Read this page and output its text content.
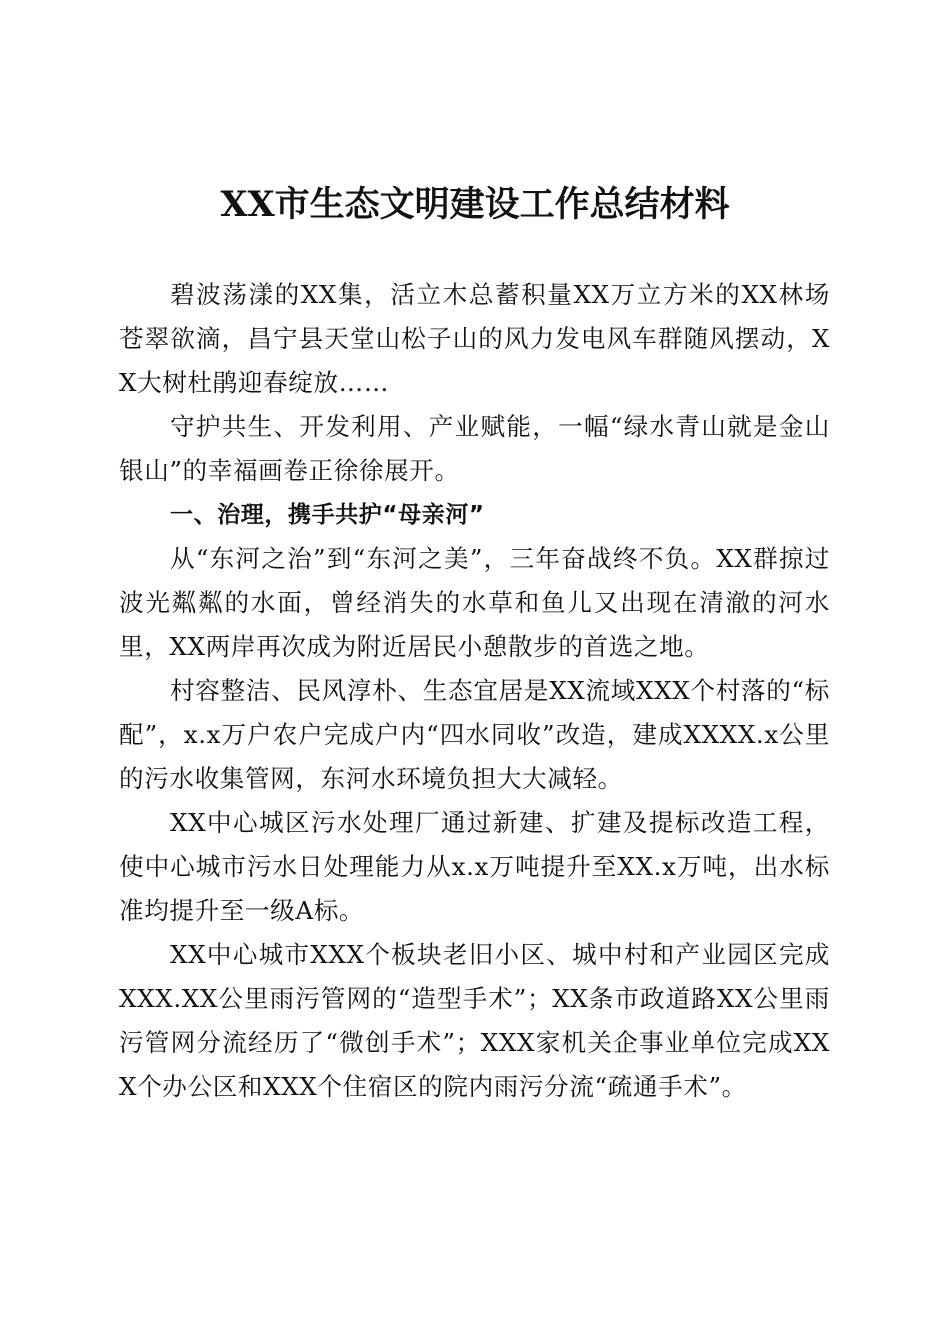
XX市生态文明建设工作总结材料

碧波荡漾的XX集，活立木总蓄积量XX万立方米的XX林场苍翠欲滴，昌宁县天堂山松子山的风力发电风车群随风摆动，XX大树杜鹃迎春绽放……

守护共生、开发利用、产业赋能，一幅“绿水青山就是金山银山”的幸福画卷正徐徐展开。

一、治理，携手共护“母亲河”

从“东河之治”到“东河之美”，三年奋战终不负。XX群掠过波光粼粼的水面，曾经消失的水草和鱼儿又出现在清澈的河水里，XX两岸再次成为附近居民小憩散步的首选之地。

村容整洁、民风淳朴、生态宜居是XX流域XXX个村落的“标配”，x.x万户农户完成户内“四水同收”改造，建成XXXX.x公里的污水收集管网，东河水环境负担大大减轻。

XX中心城区污水处理厂通过新建、扩建及提标改造工程，使中心城市污水日处理能力从x.x万吨提升至XX.x万吨，出水标准均提升至一级A标。

XX中心城市XXX个板块老旧小区、城中村和产业园区完成XXX.XX公里雨污管网的“造型手术”；XX条市政道路XX公里雨污管网分流经历了“微创手术”；XXX家机关企事业单位完成XXX个办公区和XXX个住宿区的院内雨污分流“疏通手术”。
